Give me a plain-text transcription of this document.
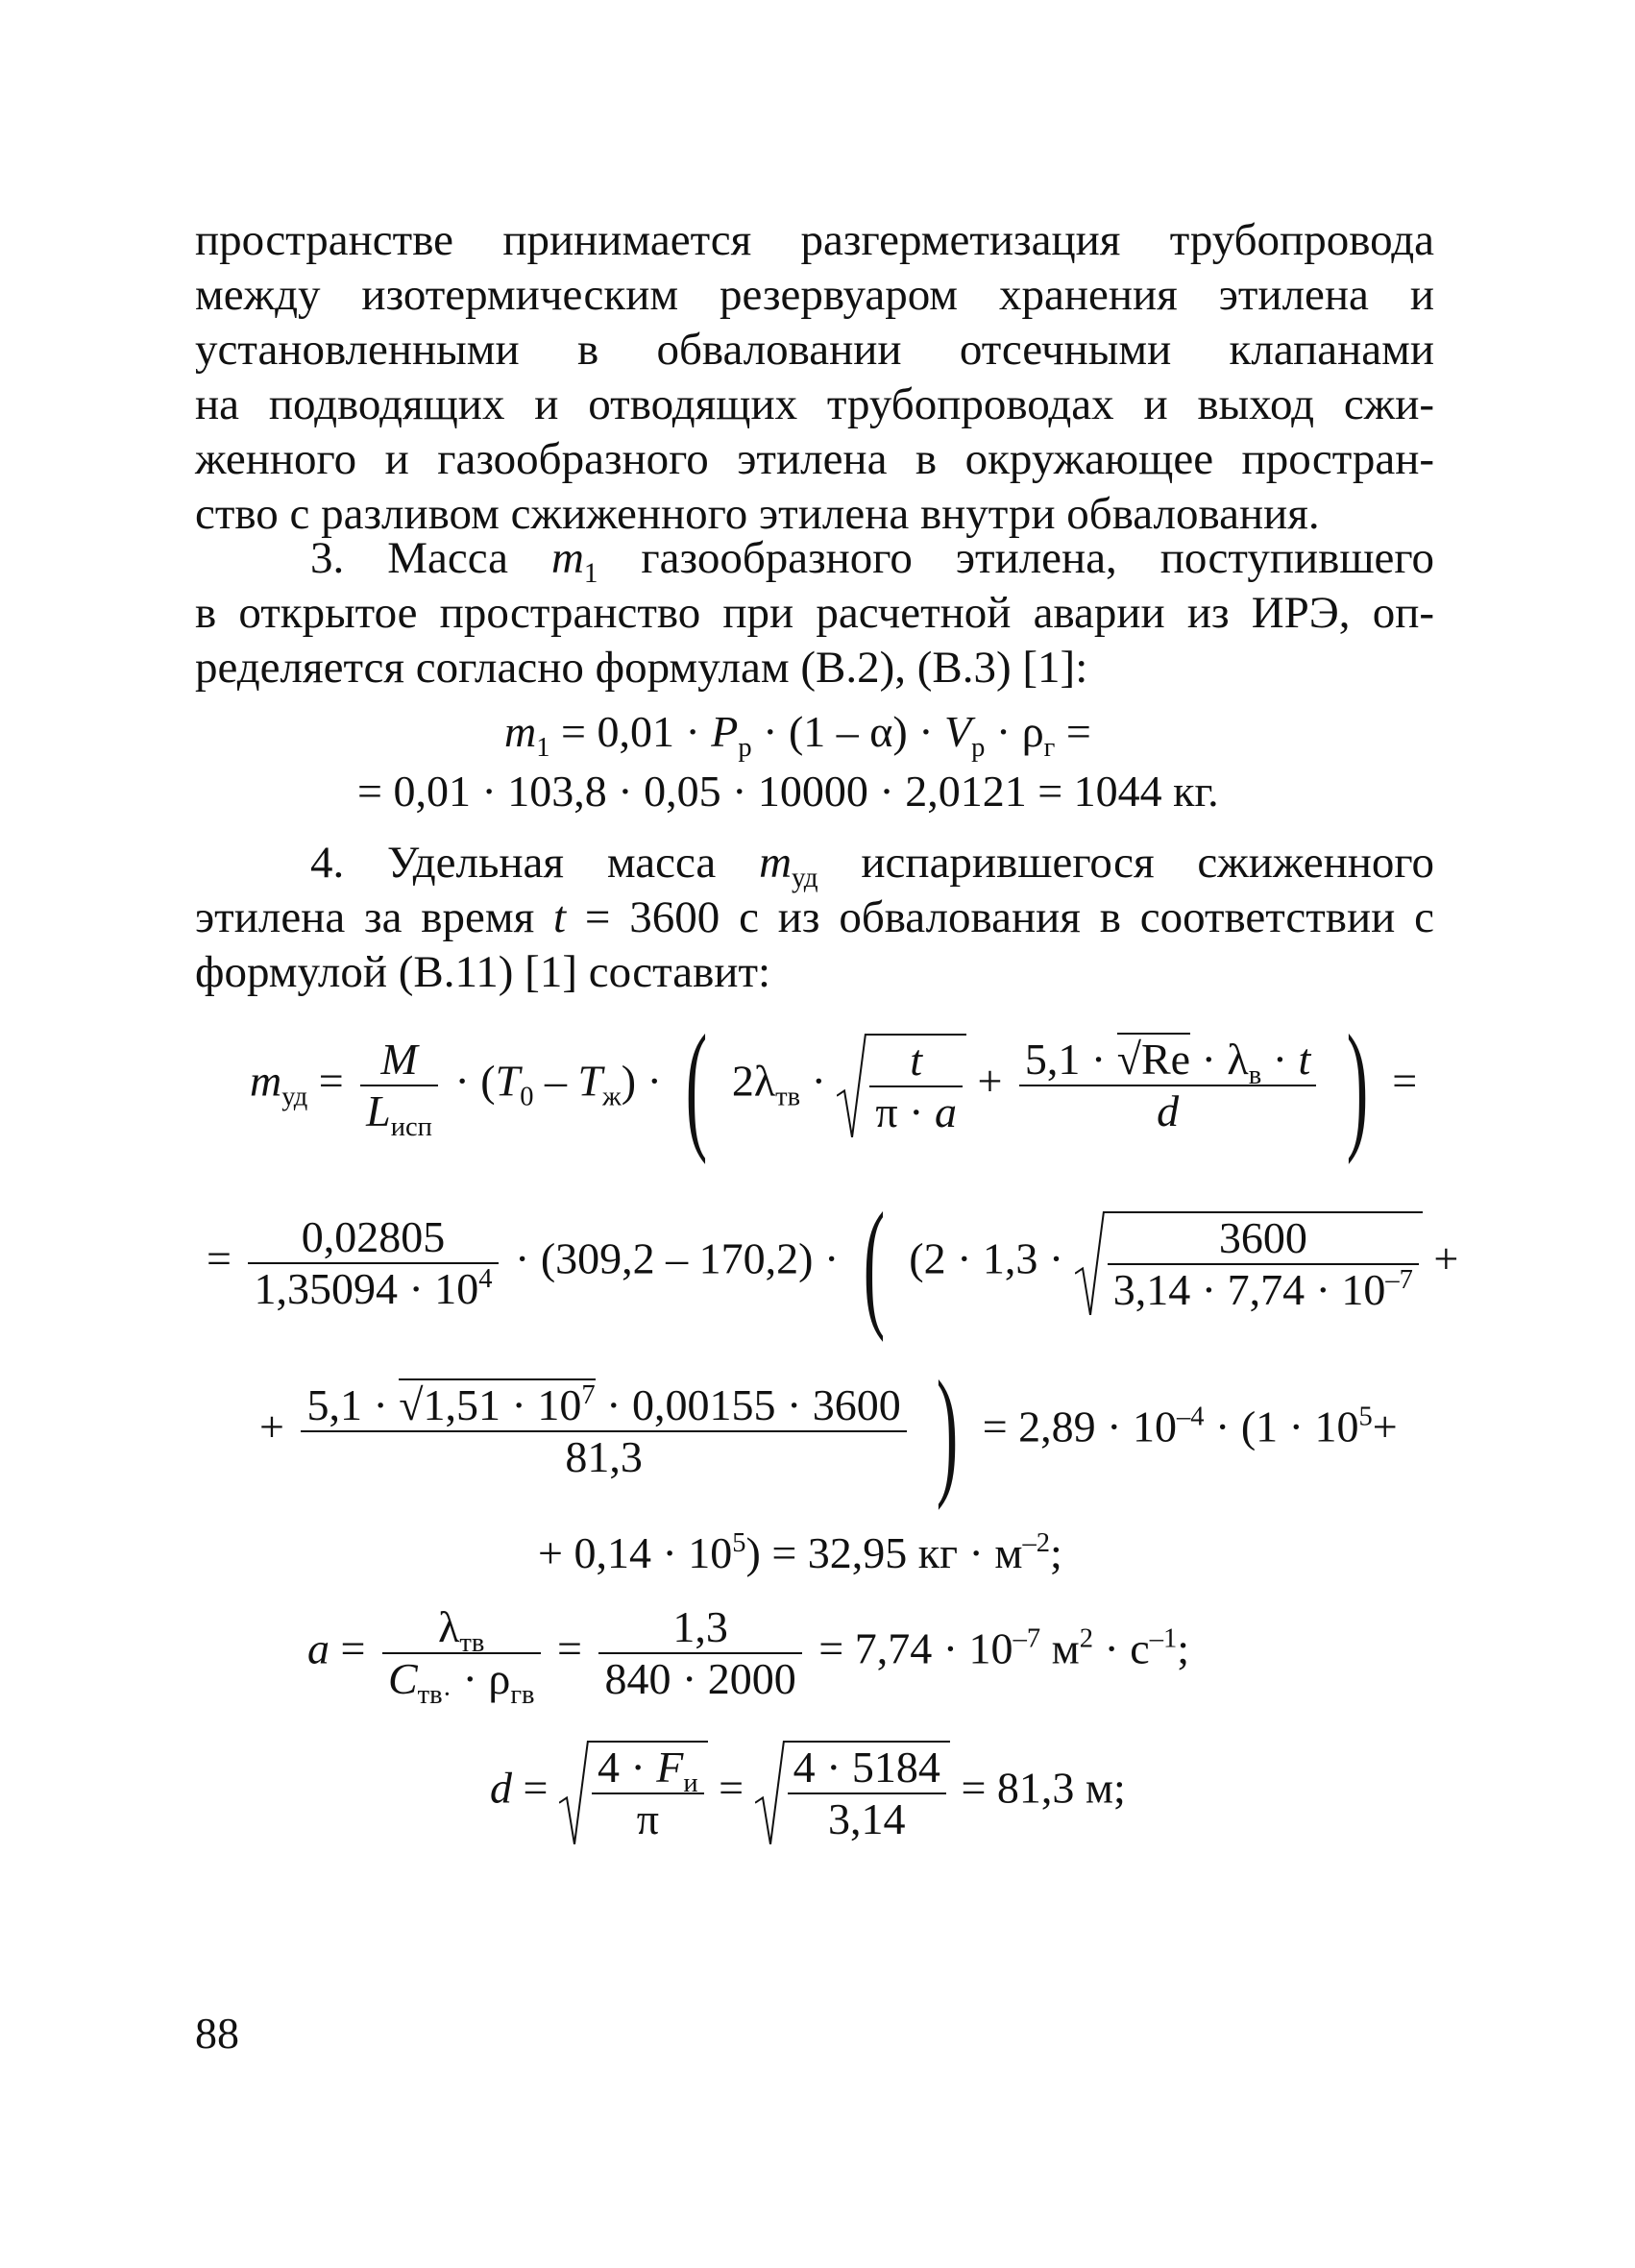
пространстве принимается разгерметизация трубопровода
между изотермическим резервуаром хранения этилена и
установленными в обваловании отсечными клапанами
на подводящих и отводящих трубопроводах и выход сжи-
женного и газообразного этилена в окружающее простран-
ство с разливом сжиженного этилена внутри обвалования.
3. Масса $m_1$ газообразного этилена, поступившего
в открытое пространство при расчетной аварии из ИРЭ, оп-
ределяется согласно формулам (В.2), (В.3) [1]:
$m_1 = 0,01 \cdot P_р \cdot (1 - \alpha) \cdot V_р \cdot \rho_г$ =
= 0,01 · 103,8 · 0,05 · 10000 · 2,0121 = 1044 кг.
4. Удельная масса $m_{уд}$ испарившегося сжиженного
этилена за время t = 3600 с из обвалования в соответствии с
формулой (В.11) [1] составит:
$m_{уд} = \frac{M}{L_{исп}} \cdot (T_0 - T_ж)$ · ( $2\lambda_{тв} \cdot \frac{t}{\pi \cdot a} + \frac{5,1 \cdot √Re \cdot \lambda_в \cdot t}{d}$ ) =
= $\frac{0,02805}{1,35094 \cdot 10^4} \cdot (309,2 - 170,2)$ · ( ($2 \cdot 1,3 \cdot \frac{3600}{3,14 \cdot 7,74 \cdot 10^{-7}}$ +
+ $\frac{5,1 \cdot √1,51 \cdot 10^7 \cdot 0,00155 \cdot 3600}{81,3}$ ) = $2,89 \cdot 10^{-4} \cdot (1 \cdot 10^5+$
+ $0,14 \cdot 10^5) = 32,95$ кг · $м^{-2}$;
$a = \frac{\lambda_{тв}}{C_{тв\cdot} \cdot \rho_{гв}} = \frac{1,3}{840 \cdot 2000} = 7,74 \cdot 10^{-7}$ $м^2 \cdot с^{-1}$;
$d = \frac{4 \cdot F_и}{\pi} = \frac{4 \cdot 5184}{3,14} = 81,3$ м;
88
